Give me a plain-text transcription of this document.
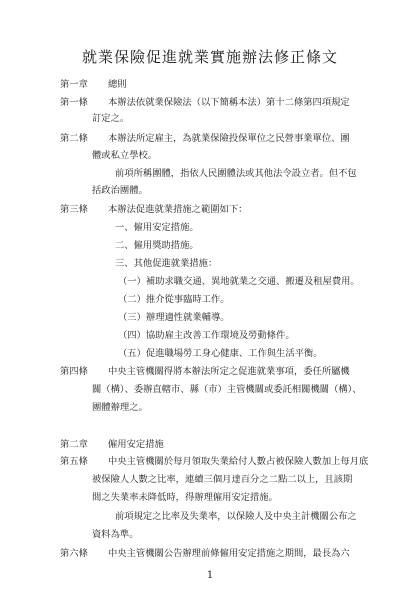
就業保險促進就業實施辦法修正條文
第一章 總則
第一條 本辦法依就業保險法（以下簡稱本法）第十二條第四項規定
訂定之。
第二條 本辦法所定雇主，為就業保險投保單位之民營事業單位、團
體或私立學校。
前項所稱團體，指依人民團體法或其他法令設立者。但不包
括政治團體。
第三條 本辦法促進就業措施之範圍如下：
一、僱用安定措施。
二、僱用獎助措施。
三、其他促進就業措施：
（一）補助求職交通、異地就業之交通、搬遷及租屋費用。
（二）推介從事臨時工作。
（三）辦理適性就業輔導。
（四）協助雇主改善工作環境及勞動條件。
（五）促進職場勞工身心健康、工作與生活平衡。
第四條 中央主管機關得將本辦法所定之促進就業事項，委任所屬機
關（構）、委辦直轄市、縣（市）主管機關或委託相關機關（構）、
團體辦理之。
第二章 僱用安定措施
第五條 中央主管機關於每月領取失業給付人數占被保險人數加上每月底
被保險人人數之比率，連續三個月達百分之二點二以上，且該期
間之失業率未降低時，得辦理僱用安定措施。
前項規定之比率及失業率，以保險人及中央主計機關公布之
資料為準。
第六條 中央主管機關公告辦理前條僱用安定措施之期間，最長為六
1
